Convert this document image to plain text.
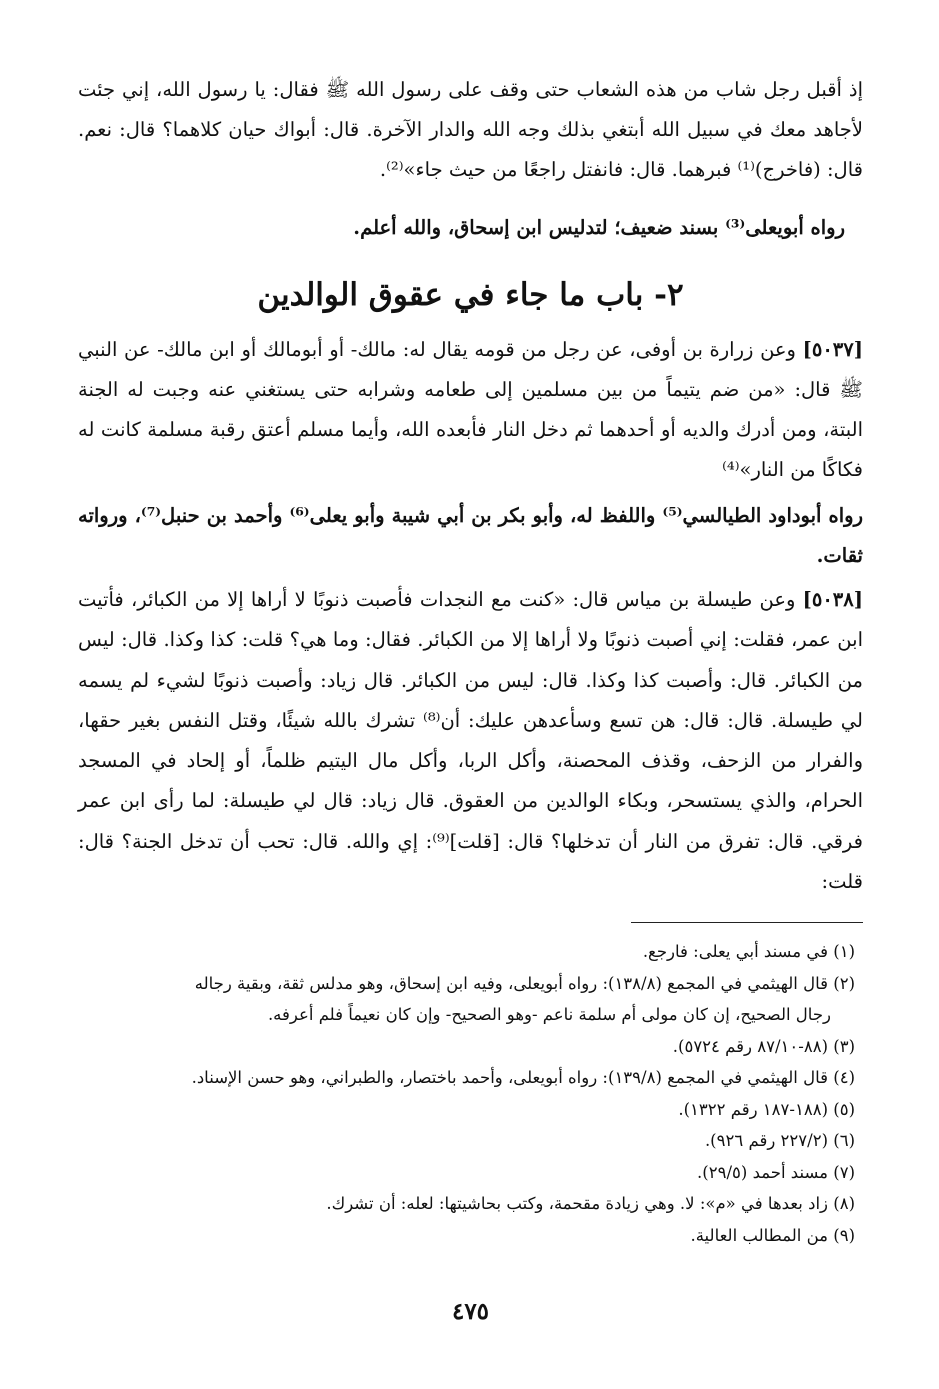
إذ أقبل رجل شاب من هذه الشعاب حتى وقف على رسول الله ﷺ فقال: يا رسول الله، إني جئت لأجاهد معك في سبيل الله أبتغي بذلك وجه الله والدار الآخرة. قال: أبواك حيان كلاهما؟ قال: نعم. قال: (فاخرج)⁽¹⁾ فبرهما. قال: فانفتل راجعًا من حيث جاء»⁽²⁾.

رواه أبويعلى⁽³⁾ بسند ضعيف؛ لتدليس ابن إسحاق، والله أعلم.

٢- باب ما جاء في عقوق الوالدين

[٥٠٣٧] وعن زرارة بن أوفى، عن رجل من قومه يقال له: مالك- أو أبومالك أو ابن مالك- عن النبي ﷺ قال: «من ضم يتيماً من بين مسلمين إلى طعامه وشرابه حتى يستغني عنه وجبت له الجنة البتة، ومن أدرك والديه أو أحدهما ثم دخل النار فأبعده الله، وأيما مسلم أعتق رقبة مسلمة كانت له فكاكًا من النار»⁽⁴⁾

رواه أبوداود الطيالسي⁽⁵⁾ واللفظ له، وأبو بكر بن أبي شيبة وأبو يعلى⁽⁶⁾ وأحمد بن حنبل⁽⁷⁾، ورواته ثقات.

[٥٠٣٨] وعن طيسلة بن مياس قال: «كنت مع النجدات فأصبت ذنوبًا لا أراها إلا من الكبائر، فأتيت ابن عمر، فقلت: إني أصبت ذنوبًا ولا أراها إلا من الكبائر. فقال: وما هي؟ قلت: كذا وكذا. قال: ليس من الكبائر. قال: وأصبت كذا وكذا. قال: ليس من الكبائر. قال زياد: وأصبت ذنوبًا لشيء لم يسمه لي طيسلة. قال: قال: هن تسع وسأعدهن عليك: أن⁽⁸⁾ تشرك بالله شيئًا، وقتل النفس بغير حقها، والفرار من الزحف، وقذف المحصنة، وأكل الربا، وأكل مال اليتيم ظلماً، أو إلحاد في المسجد الحرام، والذي يستسحر، وبكاء الوالدين من العقوق. قال زياد: قال لي طيسلة: لما رأى ابن عمر فرقي. قال: تفرق من النار أن تدخلها؟ قال: [قلت]⁽⁹⁾: إي والله. قال: تحب أن تدخل الجنة؟ قال: قلت:

(١) في مسند أبي يعلى: فارجع.
(٢) قال الهيثمي في المجمع (١٣٨/٨): رواه أبويعلى، وفيه ابن إسحاق، وهو مدلس ثقة، وبقية رجاله
رجال الصحيح، إن كان مولى أم سلمة ناعم -وهو الصحيح- وإن كان نعيماً فلم أعرفه.
(٣) (٨٨-٨٧/١٠ رقم ٥٧٢٤).
(٤) قال الهيثمي في المجمع (١٣٩/٨): رواه أبويعلى، وأحمد باختصار، والطبراني، وهو حسن الإسناد.
(٥) (١٨٨-١٨٧ رقم ١٣٢٢).
(٦) (٢٢٧/٢ رقم ٩٢٦).
(٧) مسند أحمد (٢٩/٥).
(٨) زاد بعدها في «م»: لا. وهي زيادة مقحمة، وكتب بحاشيتها: لعله: أن تشرك.
(٩) من المطالب العالية.
٤٧٥
